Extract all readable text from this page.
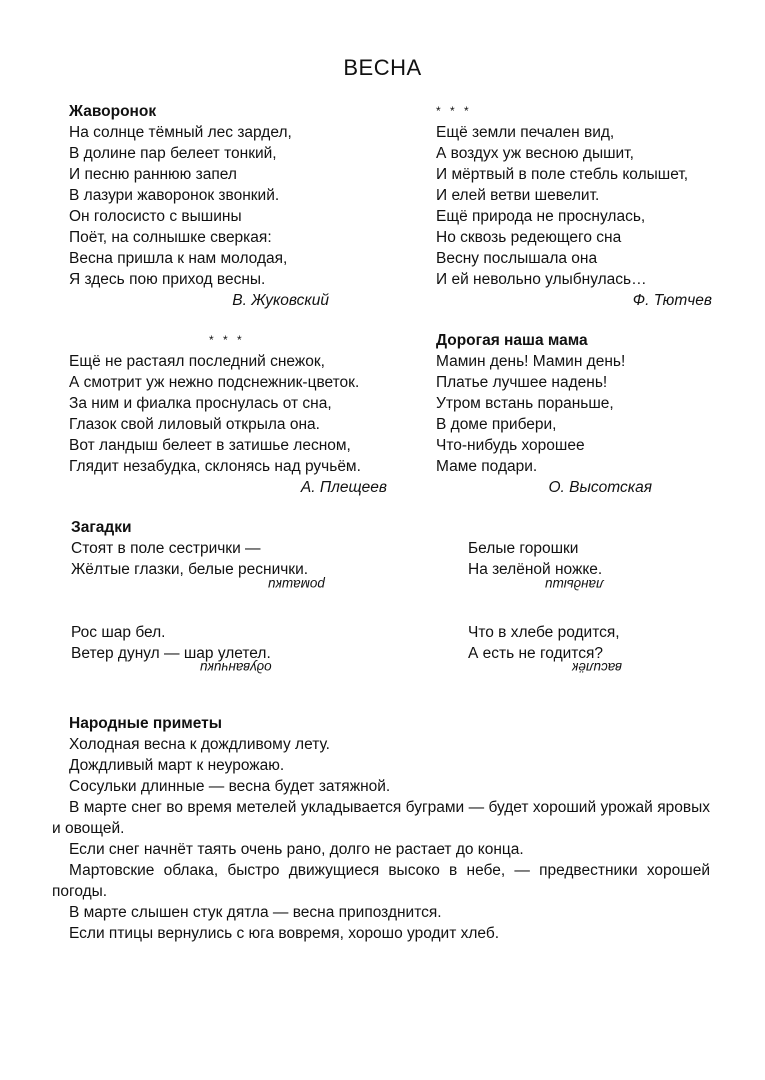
ВЕСНА
Жаворонок
На солнце тёмный лес зардел,
В долине пар белеет тонкий,
И песню раннюю запел
В лазури жаворонок звонкий.
Он голосисто с вышины
Поёт, на солнышке сверкая:
Весна пришла к нам молодая,
Я здесь пою приход весны.
В. Жуковский
* * *
Ещё земли печален вид,
А воздух уж весною дышит,
И мёртвый в поле стебль колышет,
И елей ветви шевелит.
Ещё природа не проснулась,
Но сквозь редеющего сна
Весну послышала она
И ей невольно улыбнулась…
Ф. Тютчев
* * *
Ещё не растаял последний снежок,
А смотрит уж нежно подснежник-цветок.
За ним и фиалка проснулась от сна,
Глазок свой лиловый открыла она.
Вот ландыш белеет в затишье лесном,
Глядит незабудка, склонясь над ручьём.
А. Плещеев
Дорогая наша мама
Мамин день! Мамин день!
Платье лучшее надень!
Утром встань пораньше,
В доме прибери,
Что-нибудь хорошее
Маме подари.
О. Высотская
Загадки
Стоят в поле сестрички —
Жёлтые глазки, белые реснички.
ромашки
Белые горошки
На зелёной ножке.
ландыши
Рос шар бел.
Ветер дунул — шар улетел.
одуванчики
Что в хлебе родится,
А есть не годится?
василёк
Народные приметы
Холодная весна к дождливому лету.
Дождливый март к неурожаю.
Сосульки длинные — весна будет затяжной.
В марте снег во время метелей укладывается буграми — будет хороший урожай яровых и овощей.
Если снег начнёт таять очень рано, долго не растает до конца.
Мартовские облака, быстро движущиеся высоко в небе, — предвестники хорошей погоды.
В марте слышен стук дятла — весна припозднится.
Если птицы вернулись с юга вовремя, хорошо уродит хлеб.
